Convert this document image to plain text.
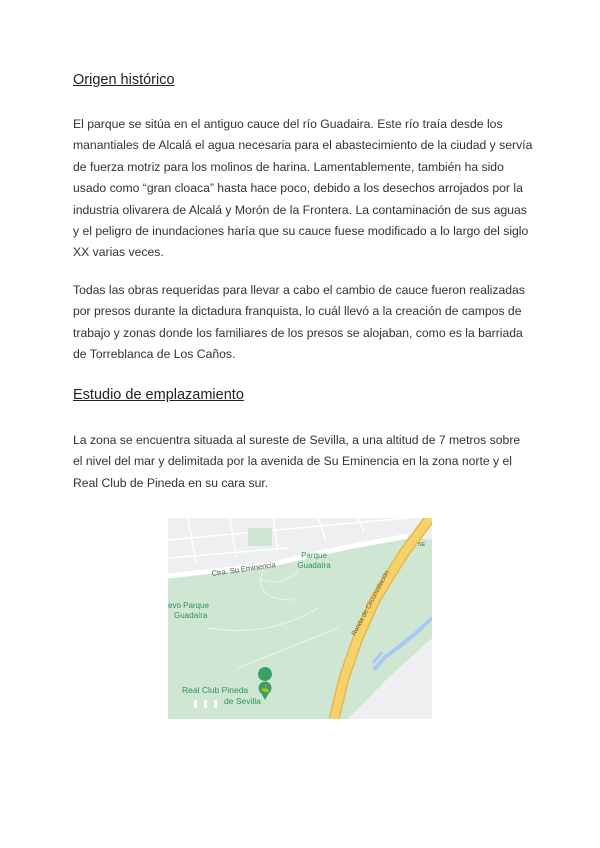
Origen histórico

El parque se sitúa en el antiguo cauce del río Guadaira. Este río traía desde los manantiales de Alcalá el agua necesaria para el abastecimiento de la ciudad y servía de fuerza motriz para los molinos de harina. Lamentablemente, también ha sido usado como “gran cloaca” hasta hace poco, debido a los desechos arrojados por la industria olivarera de Alcalá y Morón de la Frontera. La contaminación de sus aguas y el peligro de inundaciones haría que su cauce fuese modificado a lo largo del siglo XX varias veces.

Todas las obras requeridas para llevar a cabo el cambio de cauce fueron realizadas por presos durante la dictadura franquista, lo cuál llevó a la creación de campos de trabajo y zonas donde los familiares de los presos se alojaban, como es la barriada de Torreblanca de Los Caños.

Estudio de emplazamiento

La zona se encuentra situada al sureste de Sevilla, a una altitud de 7 metros sobre el nivel del mar y delimitada por la avenida de Su Eminencia en la zona norte y el Real Club de Pineda en su cara sur.

⛳
Ctra. Su Eminencia
Parque
Guadaíra
evo Parque
Guadaíra
Real Club Pineda
de Sevilla
Ronda de Circunvalación
SE
